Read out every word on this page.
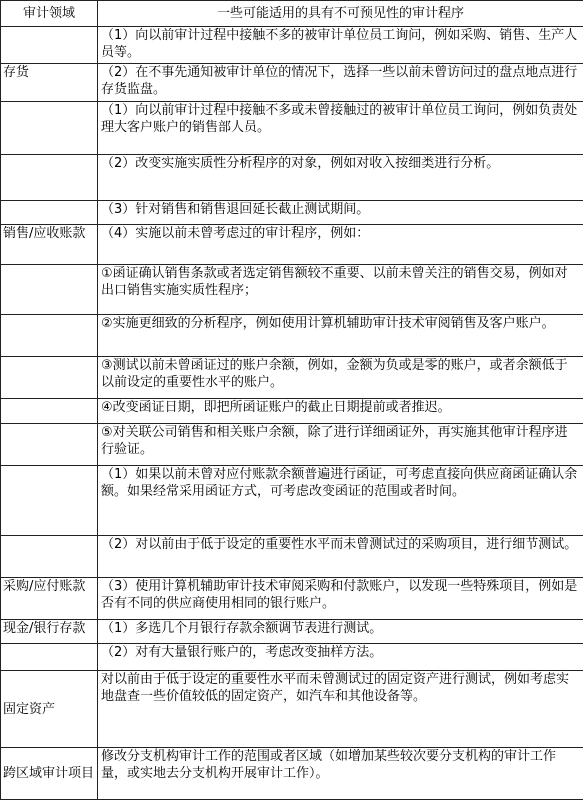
审计领域	一些可能适用的具有不可预见性的审计程序
	（1）向以前审计过程中接触不多的被审计单位员工询问，例如采购、销售、生产人员等。
存货	（2）在不事先通知被审计单位的情况下，选择一些以前未曾访问过的盘点地点进行存货监盘。
	（1）向以前审计过程中接触不多或未曾接触过的被审计单位员工询问，例如负责处理大客户账户的销售部人员。
	（2）改变实施实质性分析程序的对象，例如对收入按细类进行分析。
	（3）针对销售和销售退回延长截止测试期间。
销售/应收账款	（4）实施以前未曾考虑过的审计程序，例如：
	①函证确认销售条款或者选定销售额较不重要、以前未曾关注的销售交易，例如对出口销售实施实质性程序；
	②实施更细致的分析程序，例如使用计算机辅助审计技术审阅销售及客户账户。
	③测试以前未曾函证过的账户余额，例如，金额为负或是零的账户，或者余额低于以前设定的重要性水平的账户。
	④改变函证日期，即把所函证账户的截止日期提前或者推迟。
	⑤对关联公司销售和相关账户余额，除了进行详细函证外，再实施其他审计程序进行验证。
	（1）如果以前未曾对应付账款余额普遍进行函证，可考虑直接向供应商函证确认余额。如果经常采用函证方式，可考虑改变函证的范围或者时间。
	（2）对以前由于低于设定的重要性水平而未曾测试过的采购项目，进行细节测试。
采购/应付账款	（3）使用计算机辅助审计技术审阅采购和付款账户，以发现一些特殊项目，例如是否有不同的供应商使用相同的银行账户。
现金/银行存款	（1）多选几个月银行存款余额调节表进行测试。
	（2）对有大量银行账户的，考虑改变抽样方法。
固定资产	对以前由于低于设定的重要性水平而未曾测试过的固定资产进行测试，例如考虑实地盘查一些价值较低的固定资产，如汽车和其他设备等。
跨区域审计项目	修改分支机构审计工作的范围或者区域（如增加某些较次要分支机构的审计工作量，或实地去分支机构开展审计工作）。
